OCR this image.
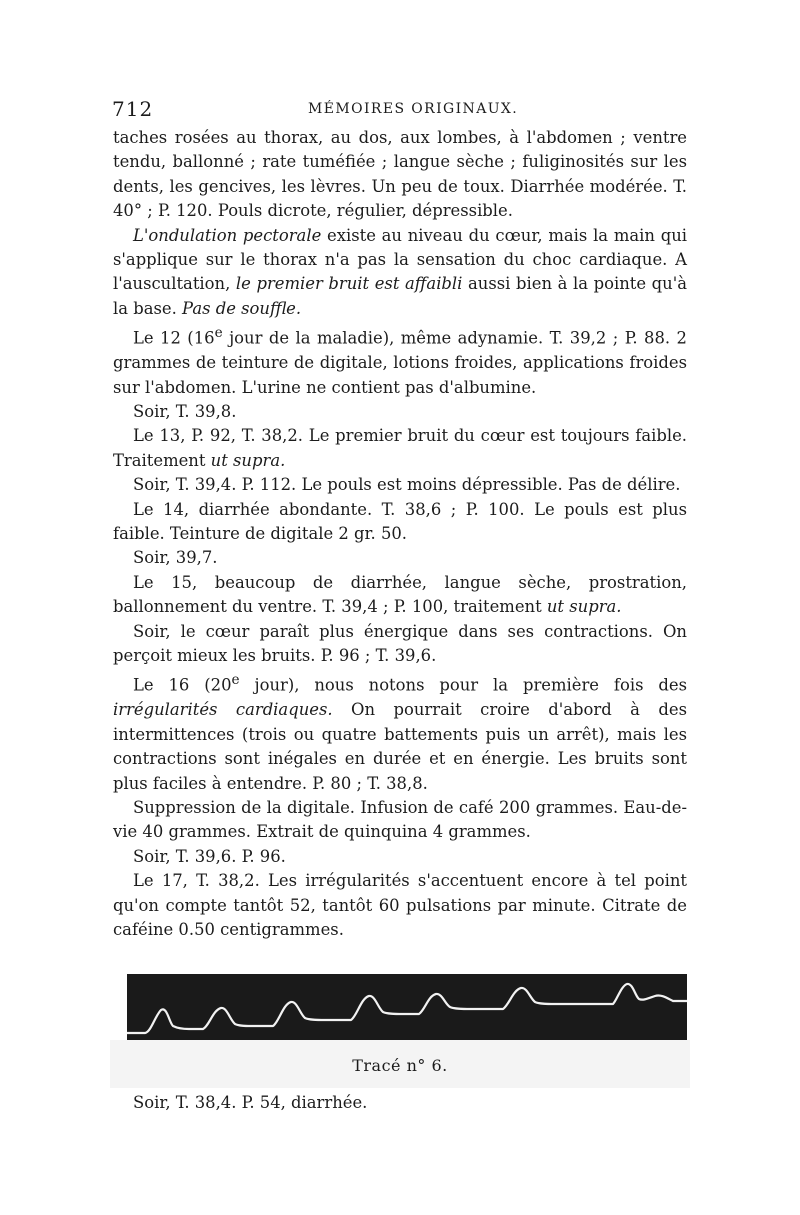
712	MÉMOIRES ORIGINAUX.

taches rosées au thorax, au dos, aux lombes, à l'abdomen ; ventre tendu, ballonné ; rate tuméfiée ; langue sèche ; fuliginosités sur les dents, les gencives, les lèvres. Un peu de toux. Diarrhée modérée. T. 40° ; P. 120. Pouls dicrote, régulier, dépressible.

L'ondulation pectorale existe au niveau du cœur, mais la main qui s'applique sur le thorax n'a pas la sensation du choc cardiaque. A l'auscultation, le premier bruit est affaibli aussi bien à la pointe qu'à la base. Pas de souffle.

Le 12 (16e jour de la maladie), même adynamie. T. 39,2 ; P. 88. 2 grammes de teinture de digitale, lotions froides, applications froides sur l'abdomen. L'urine ne contient pas d'albumine.

Soir, T. 39,8.

Le 13, P. 92, T. 38,2. Le premier bruit du cœur est toujours faible. Traitement ut supra.

Soir, T. 39,4. P. 112. Le pouls est moins dépressible. Pas de délire.

Le 14, diarrhée abondante. T. 38,6 ; P. 100. Le pouls est plus faible. Teinture de digitale 2 gr. 50.

Soir, 39,7.

Le 15, beaucoup de diarrhée, langue sèche, prostration, ballonnement du ventre. T. 39,4 ; P. 100, traitement ut supra.

Soir, le cœur paraît plus énergique dans ses contractions. On perçoit mieux les bruits. P. 96 ; T. 39,6.

Le 16 (20e jour), nous notons pour la première fois des irrégularités cardiaques. On pourrait croire d'abord à des intermittences (trois ou quatre battements puis un arrêt), mais les contractions sont inégales en durée et en énergie. Les bruits sont plus faciles à entendre. P. 80 ; T. 38,8.

Suppression de la digitale. Infusion de café 200 grammes. Eau-de-vie 40 grammes. Extrait de quinquina 4 grammes.

Soir, T. 39,6. P. 96.

Le 17, T. 38,2. Les irrégularités s'accentuent encore à tel point qu'on compte tantôt 52, tantôt 60 pulsations par minute. Citrate de caféine 0.50 centigrammes.

Tracé n° 6.
Soir, T. 38,4. P. 54, diarrhée.
